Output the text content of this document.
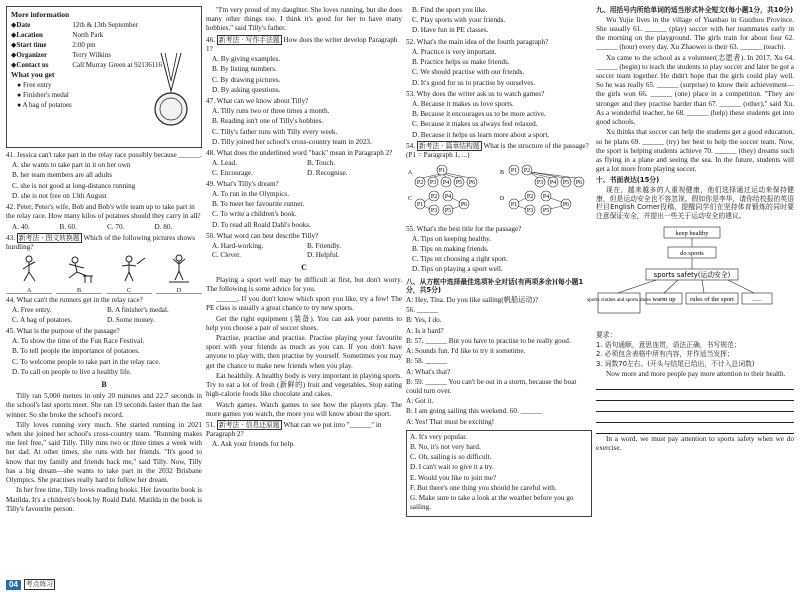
More information

◆Date	12th & 13th September

◆Location	North Park

◆Start time	2:00 pm

◆Organizer	Terry Wilkins

◆Contact us	Call Murray Green at 92136116

What you get

● Free entry

● Finisher's medal

● A bag of potatoes

41. Jessica can't take part in the relay race possibly because ______.

A. she wants to take part in it on her own

B. her team members are all adults

C. she is not good at long-distance running

D. she is not free on 13th August

42. Peter, Peter's wife, Bob and Bob's wife team up to take part in the relay race. How many kilos of potatoes should they carry in all?

A. 40.	B. 60.	C. 70.	D. 80.

43. 新考法 · 图文转换题 Which of the following pictures shows hurdling?

A	B	C	D

44. What can't the runners get in the relay race?

A. Free entry.	B. A finisher's medal.
C. A bag of potatoes.	D. Some money.

45. What is the purpose of the passage?

A. To show the time of the Fun Race Festival.

B. To tell people the importance of potatoes.

C. To welcome people to take part in the relay race.

D. To call on people to live a healthy life.

B

Tilly ran 5,000 metres in only 20 minutes and 22.7 seconds in the school's last sports meet. She ran 19 seconds faster than the last winner. So she broke the school's record.

Tilly loves running very much. She started running in 2021 when she joined her school's cross-country team. "Running makes me feel free," said Tilly. Tilly runs two or three times a week with her dad. At other times, she runs with her friends. "It's good to know that my family and friends back me," said Tilly. Now, Tilly has a big dream—she wants to take part in the 2032 Brisbane Olympics. She practises really hard to follow her dream.

In her free time, Tilly loves reading books. Her favourite book is Matilda. It's a children's book by Roald Dahl. Matilda in the book is Tilly's favourite person.

"I'm very proud of my daughter. She loves running, but she does many other things too. I think it's good for her to have many hobbies," said Tilly's father.

46. 新考法 · 写作手法题 How does the writer develop Paragraph 1?

A. By giving examples.

B. By listing numbers.

C. By drawing pictures.

D. By asking questions.

47. What can we know about Tilly?

A. Tilly runs two or three times a month.

B. Reading isn't one of Tilly's hobbies.

C. Tilly's father runs with Tilly every week.

D. Tilly joined her school's cross-country team in 2023.

48. What does the underlined word "back" mean in Paragraph 2?

A. Lead.	B. Touch.
C. Encourage.	D. Recognise.

49. What's Tilly's dream?

A. To run in the Olympics.

B. To meet her favourite runner.

C. To write a children's book.

D. To read all Roald Dahl's books.

50. What word can best describe Tilly?

A. Hard-working.	B. Friendly.
C. Clever.	D. Helpful.

C

Playing a sport well may be difficult at first, but don't worry. The following is some advice for you.

______. If you don't know which sport you like, try a few! The PE class is usually a great chance to try new sports.

Get the right equipment (装备). You can ask your parents to help you choose a pair of soccer shoes.

Practise, practise and practise. Practise playing your favourite sport with your friends as much as you can. If you don't have anyone to play with, then practise by yourself. Sometimes you may get the chance to make new friends when you play.

Eat healthily. A healthy body is very important in playing sports. Try to eat a lot of fresh (新鲜的) fruit and vegetables. Stop eating high-calorie foods like chocolate and cakes.

Watch games. Watch games to see how the players play. The more games you watch, the more you will know about the sport.

51. 新考法 · 信息还原题 What can we put into "______" in Paragraph 2?

A. Ask your friends for help.

B. Find the sport you like.

C. Play sports with your friends.

D. Have fun in PE classes.

52. What's the main idea of the fourth paragraph?

A. Practice is very important.

B. Practice helps us make friends.

C. We should practise with our friends.

D. It's good for us to practise by ourselves.

53. Why does the writer ask us to watch games?

A. Because it makes us love sports.

B. Because it encourages us to be more active.

C. Because it makes us always feel relaxed.

D. Because it helps us learn more about a sport.

54. 新考法 · 篇章结构题 What is the structure of the passage? (P1 = Paragraph 1, ...)

A	P1
P2 P3 P4 P5 P6
B P1 P2
P3 P4 P5 P6
C
P1
P2
P3
P4
P5
P6
D
P1
P2
P3
P4
P5
P6

55. What's the best title for the passage?

A. Tips on keeping healthy.

B. Tips on making friends.

C. Tips on choosing a right sport.

D. Tips on playing a sport well.

八、从方框中选择最佳选项补全对话(有两项多余)(每小题1分，共5分)

A: Hey, Tina. Do you like sailing(帆船运动)?

56. ______

B: Yes, I do.

A: Is it hard?

B: 57. ______ But you have to practise to be really good.

A: Sounds fun. I'd like to try it sometime.

B: 58. ______

A: What's that?

B: 59. ______ You can't be out in a storm, because the boat could turn over.

A: Got it.

B: I am going sailing this weekend. 60. ______

A: Yes! That must be exciting!

A. It's very popular.

B. No, it's not very hard.

C. Oh, sailing is so difficult.

D. I can't wait to give it a try.

E. Would you like to join me?

F. But there's one thing you should be careful with.

G. Make sure to take a look at the weather before you go sailing.

九、用括号内所给单词的适当形式补全短文(每小题1分，共10分)

Wu Yujie lives in the village of Yuanbao in Guizhou Province. She usually 61. ______ (play) soccer with her teammates early in the morning on the playground. The girls train for about four 62. ______ (hour) every day. Xu Zhaowei is their 63. ______ (teach).

Xu came to the school as a volunteer(志愿者). In 2017, Xu 64. ______ (begin) to teach the students to play soccer and later he got a soccer team together. He didn't hope that the girls could play well. So he was really 65. ______ (surprise) to know their achievement—the girls won 66. ______ (one) place in a competition. "They are stronger and they practise harder than 67. ______ (other)," said Xu. As a wonderful teacher, he 68. ______ (help) these students get into good schools.

Xu thinks that soccer can help the students get a good education, so he plans 69. ______ (try) her best to help the soccer team. Now, the sport is helping students achieve 70. ______ (they) dreams such as flying in a plane and seeing the sea. In the future, students will get a lot more from playing soccer.

十、书面表达(15分)

现在，越来越多的人重视健康，他们选择通过运动来保持健康，但是运动安全也不容忽视。假如你是李华，请你给校报的英语栏目English Corner投稿，提醒同学们在坚持体育锻炼的同时要注意保证安全，并提出一些关于运动安全的建议。

keep healthy
do sports
sports safety(运动安全)
sports clothes and sports shoes warm up rules of the sport	......

要求：

1. 语句通顺，意思连贯，语法正确，书写规范；

2. 必须包含表格中所有内容，并作适当发挥；

3. 词数70左右。(开头与结尾已给出，不计入总词数)

Now more and more people pay more attention to their health.

In a word, we must pay attention to sports safety when we do exercise.

04	考点练习
